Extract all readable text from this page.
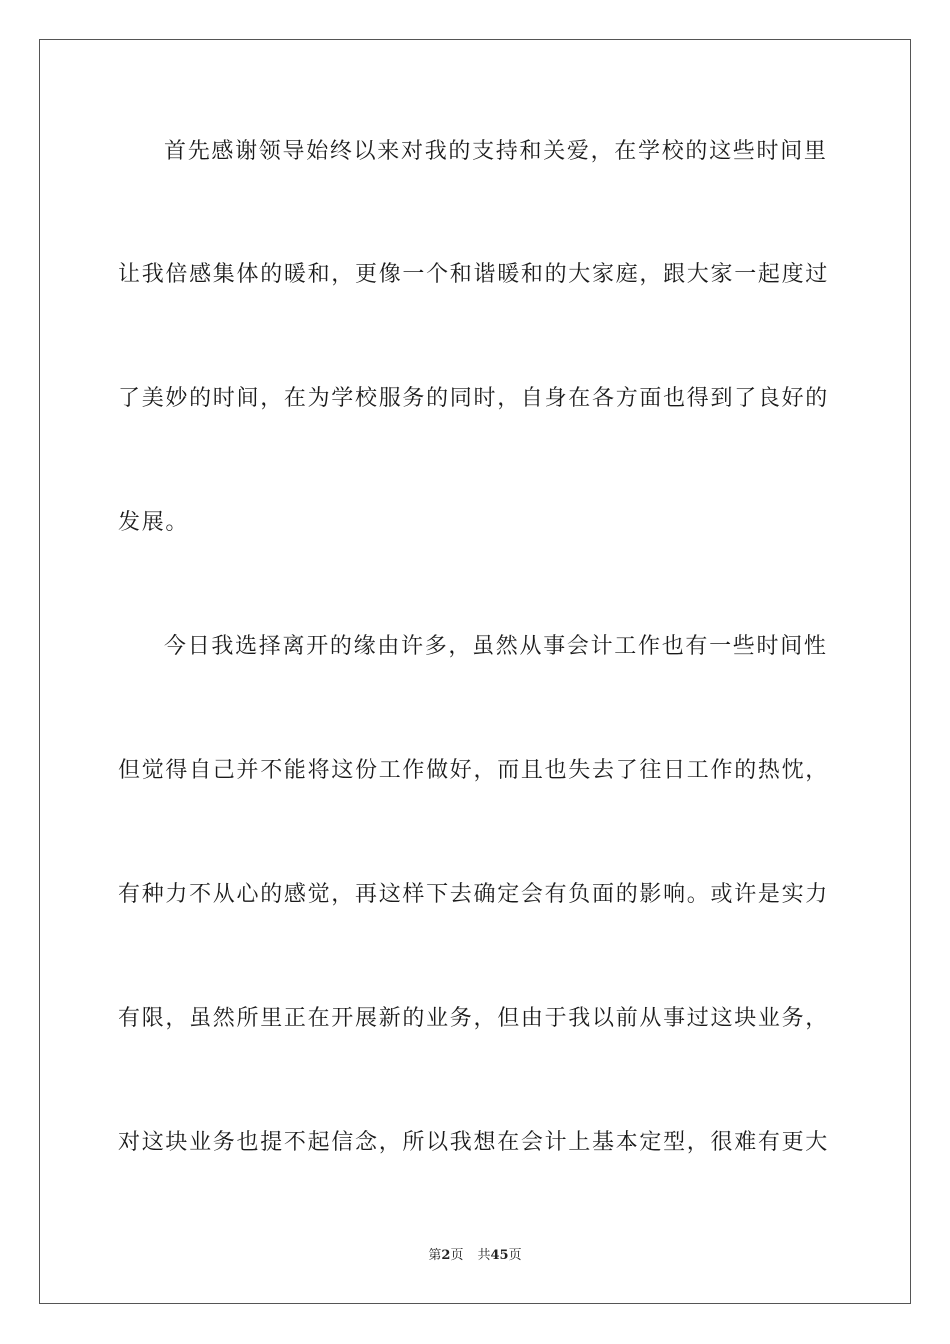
首先感谢领导始终以来对我的支持和关爱，在学校的这些时间里
让我倍感集体的暖和，更像一个和谐暖和的大家庭，跟大家一起度过
了美妙的时间，在为学校服务的同时，自身在各方面也得到了良好的
发展。
今日我选择离开的缘由许多，虽然从事会计工作也有一些时间性
但觉得自己并不能将这份工作做好，而且也失去了往日工作的热忱，
有种力不从心的感觉，再这样下去确定会有负面的影响。或许是实力
有限，虽然所里正在开展新的业务，但由于我以前从事过这块业务，
对这块业务也提不起信念，所以我想在会计上基本定型，很难有更大
第2页 共45页
